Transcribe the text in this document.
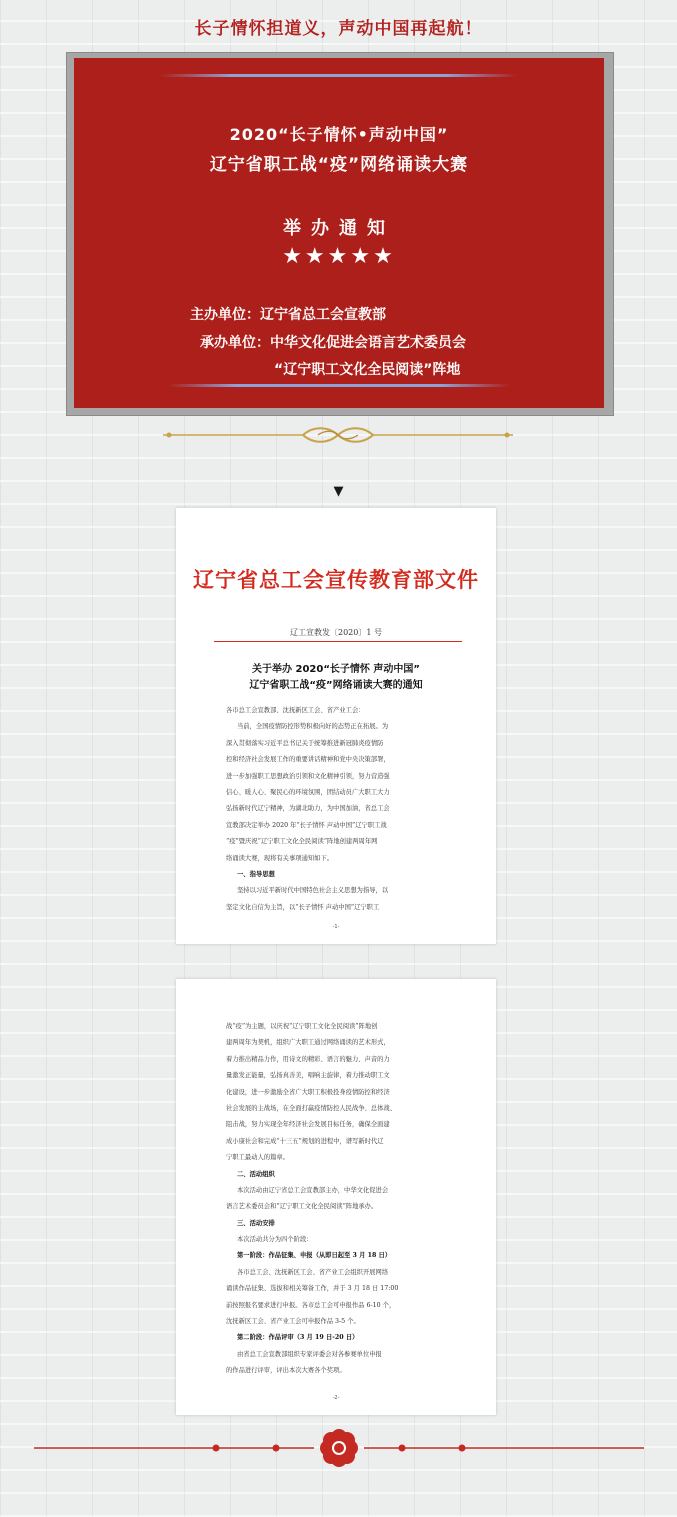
长子情怀担道义，声动中国再起航！
2020“长子情怀•声动中国”
辽宁省职工战“疫”网络诵读大赛
举办通知
★★★★★
主办单位：辽宁省总工会宣教部
承办单位：中华文化促进会语言艺术委员会
“辽宁职工文化全民阅读”阵地
▼
辽宁省总工会宣传教育部文件
辽工宣教发〔2020〕1 号
关于举办 2020“长子情怀 声动中国”
辽宁省职工战“疫”网络诵读大赛的通知
各市总工会宣教部、沈抚新区工会、省产业工会：
当前，全国疫情防控形势积极向好的态势正在拓展。为
深入贯彻落实习近平总书记关于统筹推进新冠肺炎疫情防
控和经济社会发展工作的重要讲话精神和党中央决策部署，
进一步加强职工思想政治引领和文化精神引领，努力营造强
信心、暖人心、聚民心的环境氛围，团结动员广大职工大力
弘扬新时代辽宁精神，为湖北助力，为中国加油，省总工会
宣教部决定举办 2020 年“长子情怀 声动中国”辽宁职工战
“疫”暨庆祝“辽宁职工文化全民阅读”阵地创建两周年网
络诵读大赛，现将有关事项通知如下。
一、指导思想
坚持以习近平新时代中国特色社会主义思想为指导，以
坚定文化自信为主旨，以“长子情怀 声动中国”辽宁职工
-1-
战“疫”为主题，以庆祝“辽宁职工文化全民阅读”阵地创
建两周年为契机，组织广大职工通过网络诵读的艺术形式，
着力推出精品力作，用诗文的精彩、语言的魅力、声音的力
量激发正能量，弘扬真善美，唱响主旋律，着力推动职工文
化建设，进一步激励全省广大职工积极投身疫情防控和经济
社会发展的主战场，在全面打赢疫情防控人民战争、总体战、
阻击战，努力实现全年经济社会发展目标任务，确保全面建
成小康社会和完成“十三五”规划的进程中，谱写新时代辽
宁职工最动人的篇章。
二、活动组织
本次活动由辽宁省总工会宣教部主办，中华文化促进会
语言艺术委员会和“辽宁职工文化全民阅读”阵地承办。
三、活动安排
本次活动共分为四个阶段：
第一阶段：作品征集、申报（从即日起至 3 月 18 日）
各市总工会、沈抚新区工会、省产业工会组织开展网络
诵读作品征集、选拔和相关筹备工作，并于 3 月 18 日 17:00
前按照报名要求进行申报。各市总工会可申报作品 6-10 个，
沈抚新区工会、省产业工会可申报作品 3-5 个。
第二阶段：作品评审（3 月 19 日-20 日）
由省总工会宣教部组织专家评委会对各参赛单位申报
的作品进行评审，评出本次大赛各个奖项。
-2-
